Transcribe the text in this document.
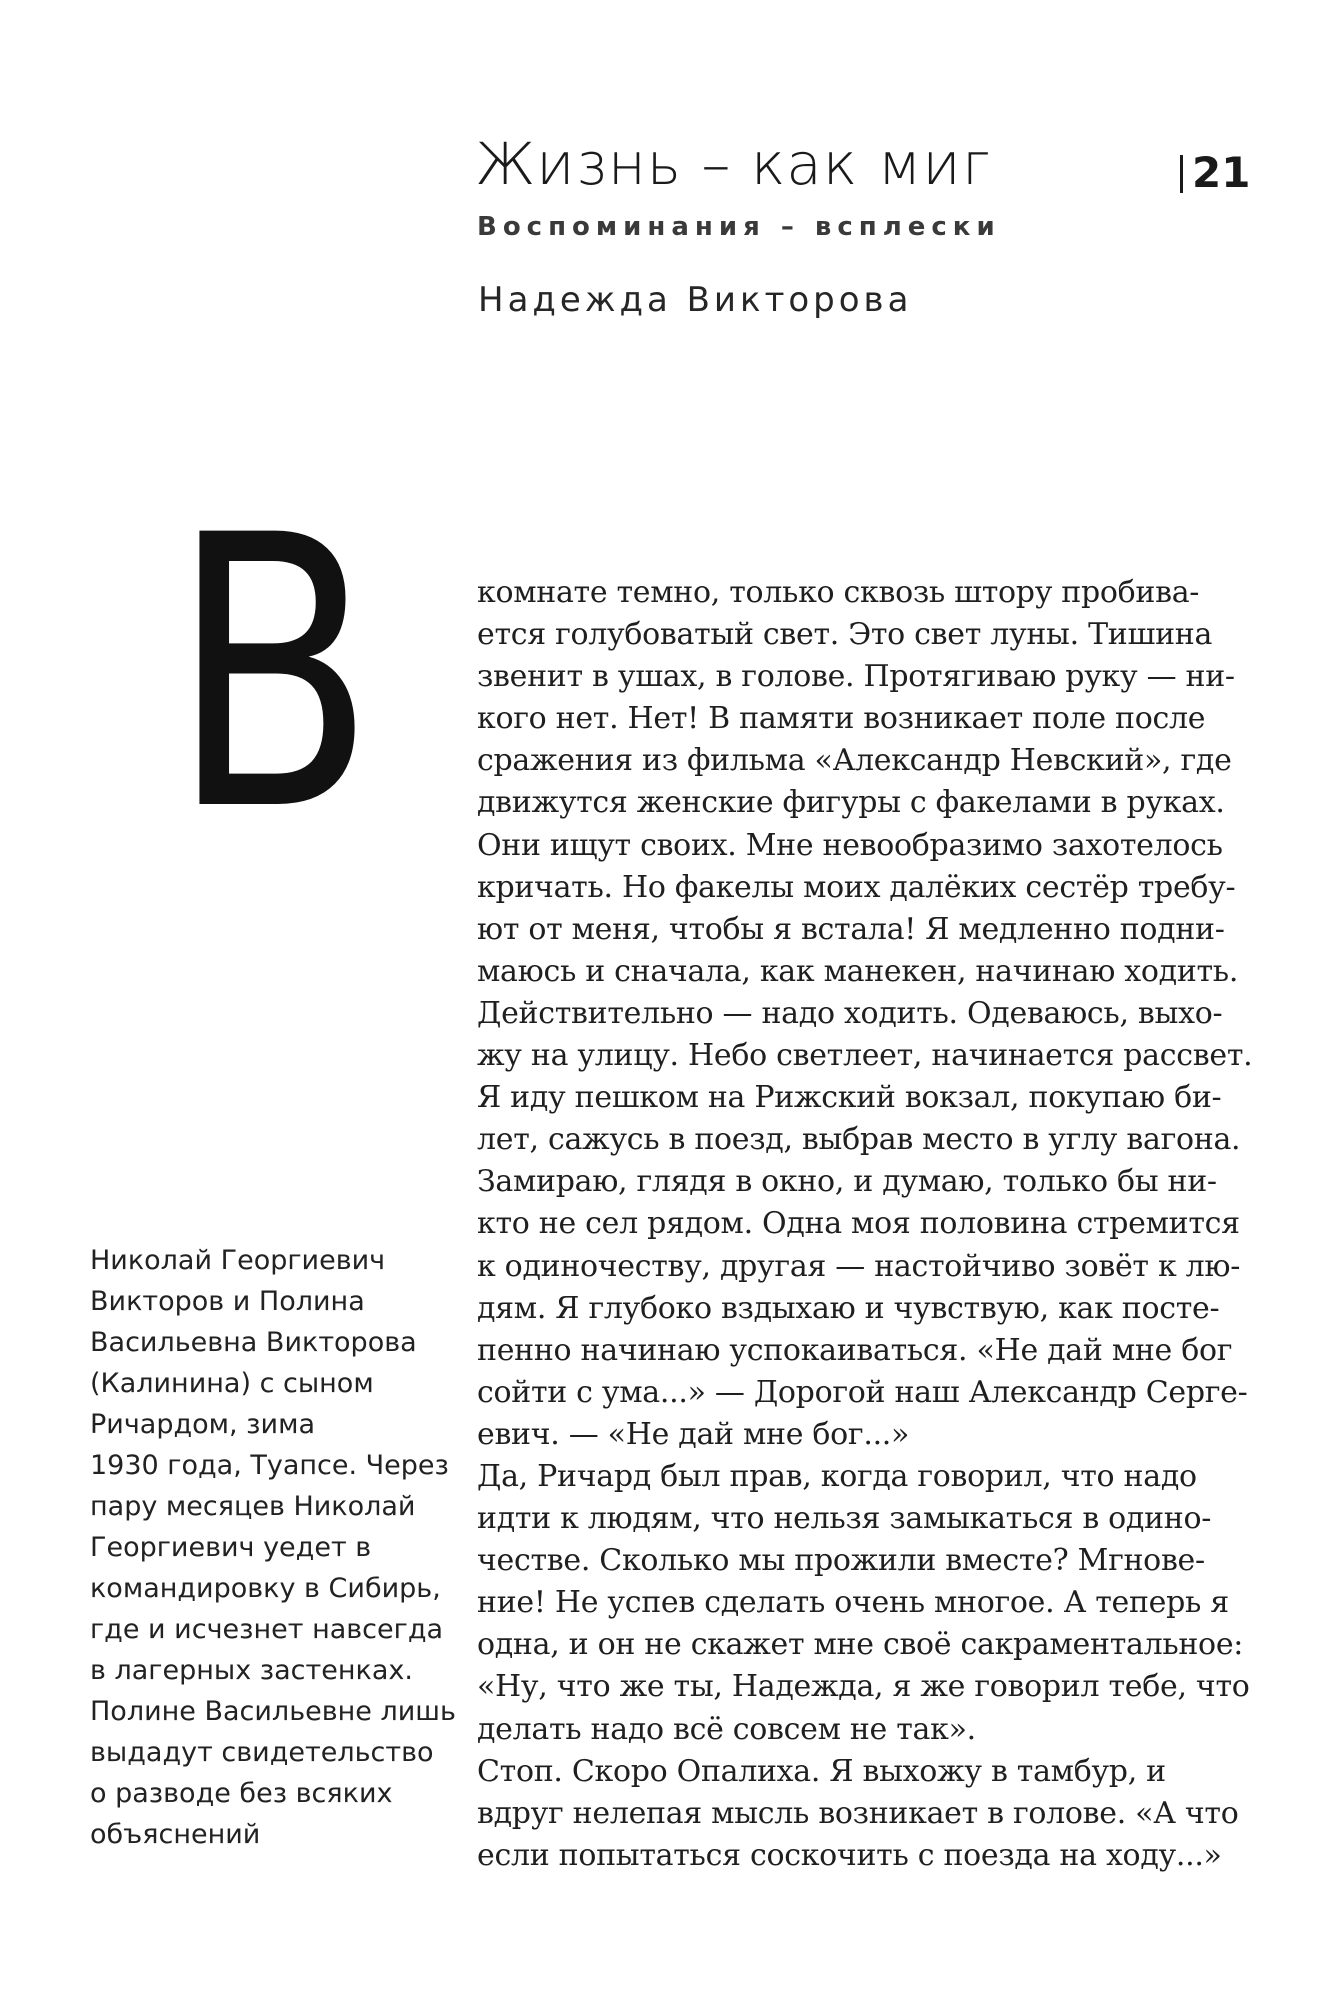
Жизнь – как миг
Воспоминания – всплески
Надежда Викторова
21
В
Николай Георгиевич
Викторов и Полина
Васильевна Викторова
(Калинина) с сыном
Ричардом, зима
1930 года, Туапсе. Через
пару месяцев Николай
Георгиевич уедет в
командировку в Сибирь,
где и исчезнет навсегда
в лагерных застенках.
Полине Васильевне лишь
выдадут свидетельство
о разводе без всяких
объяснений
комнате темно, только сквозь штору пробива-
ется голубоватый свет. Это свет луны. Тишина
звенит в ушах, в голове. Протягиваю руку — ни-
кого нет. Нет! В памяти возникает поле после
сражения из фильма «Александр Невский», где
движутся женские фигуры с факелами в руках.
Они ищут своих. Мне невообразимо захотелось
кричать. Но факелы моих далёких сестёр требу-
ют от меня, чтобы я встала! Я медленно подни-
маюсь и сначала, как манекен, начинаю ходить.
Действительно — надо ходить. Одеваюсь, выхо-
жу на улицу. Небо светлеет, начинается рассвет.
Я иду пешком на Рижский вокзал, покупаю би-
лет, сажусь в поезд, выбрав место в углу вагона.
Замираю, глядя в окно, и думаю, только бы ни-
кто не сел рядом. Одна моя половина стремится
к одиночеству, другая — настойчиво зовёт к лю-
дям. Я глубоко вздыхаю и чувствую, как посте-
пенно начинаю успокаиваться. «Не дай мне бог
сойти с ума...» — Дорогой наш Александр Серге-
евич. — «Не дай мне бог...»
Да, Ричард был прав, когда говорил, что надо
идти к людям, что нельзя замыкаться в одино-
честве. Сколько мы прожили вместе? Мгнове-
ние! Не успев сделать очень многое. А теперь я
одна, и он не скажет мне своё сакраментальное:
«Ну, что же ты, Надежда, я же говорил тебе, что
делать надо всё совсем не так».
Стоп. Скоро Опалиха. Я выхожу в тамбур, и
вдруг нелепая мысль возникает в голове. «А что
если попытаться соскочить с поезда на ходу...»
